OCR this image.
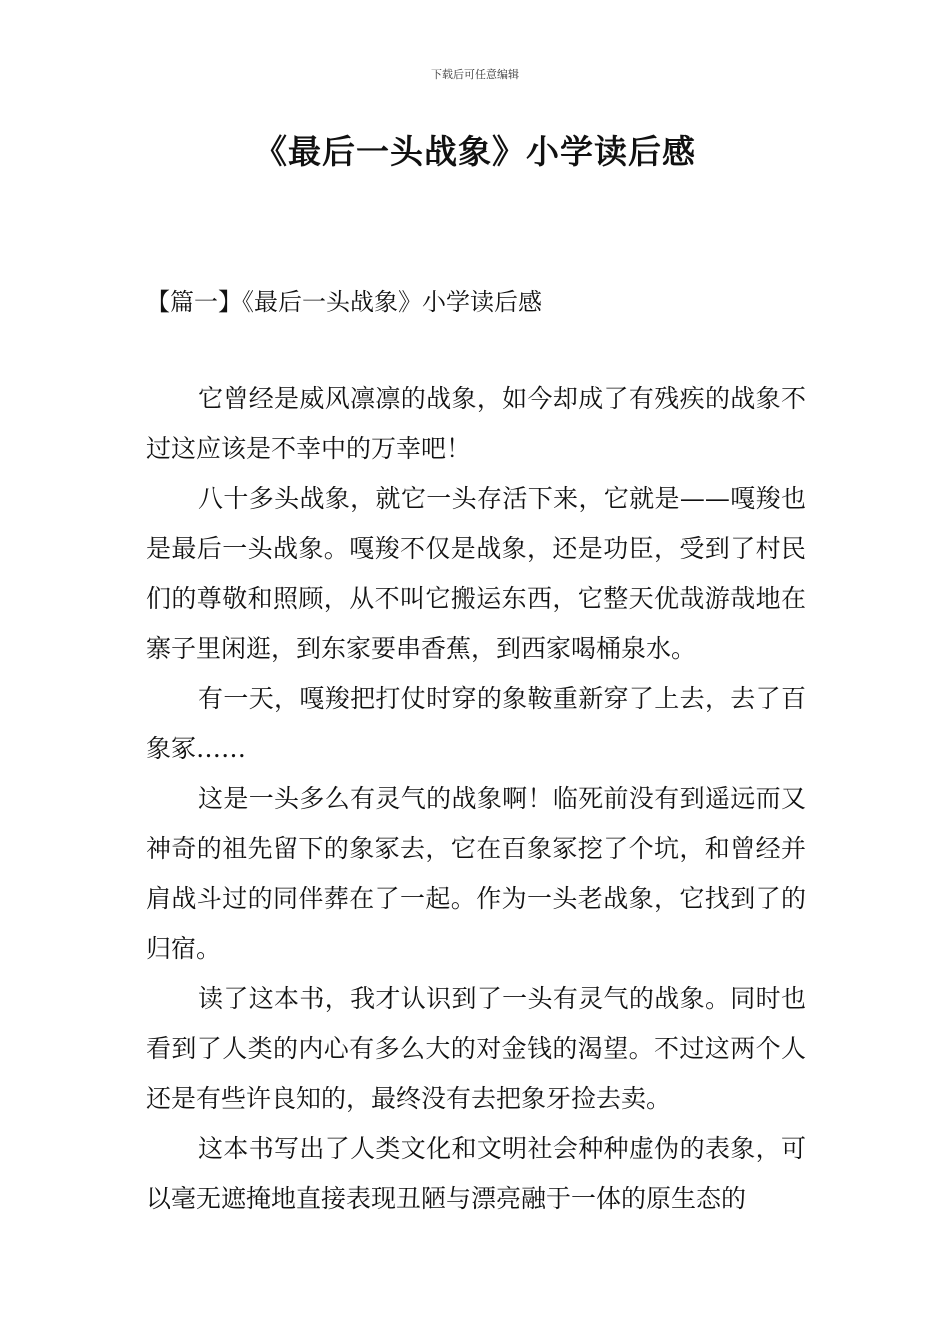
下载后可任意编辑
《最后一头战象》小学读后感
【篇一】《最后一头战象》小学读后感

它曾经是威风凛凛的战象，如今却成了有残疾的战象不过这应该是不幸中的万幸吧！

八十多头战象，就它一头存活下来，它就是——嘎羧也是最后一头战象。嘎羧不仅是战象，还是功臣，受到了村民们的尊敬和照顾，从不叫它搬运东西，它整天优哉游哉地在寨子里闲逛，到东家要串香蕉，到西家喝桶泉水。

有一天，嘎羧把打仗时穿的象鞍重新穿了上去，去了百象冢……

这是一头多么有灵气的战象啊！临死前没有到遥远而又神奇的祖先留下的象冢去，它在百象冢挖了个坑，和曾经并肩战斗过的同伴葬在了一起。作为一头老战象，它找到了的归宿。

读了这本书，我才认识到了一头有灵气的战象。同时也看到了人类的内心有多么大的对金钱的渴望。不过这两个人还是有些许良知的，最终没有去把象牙捡去卖。

这本书写出了人类文化和文明社会种种虚伪的表象，可以毫无遮掩地直接表现丑陋与漂亮融于一体的原生态的
